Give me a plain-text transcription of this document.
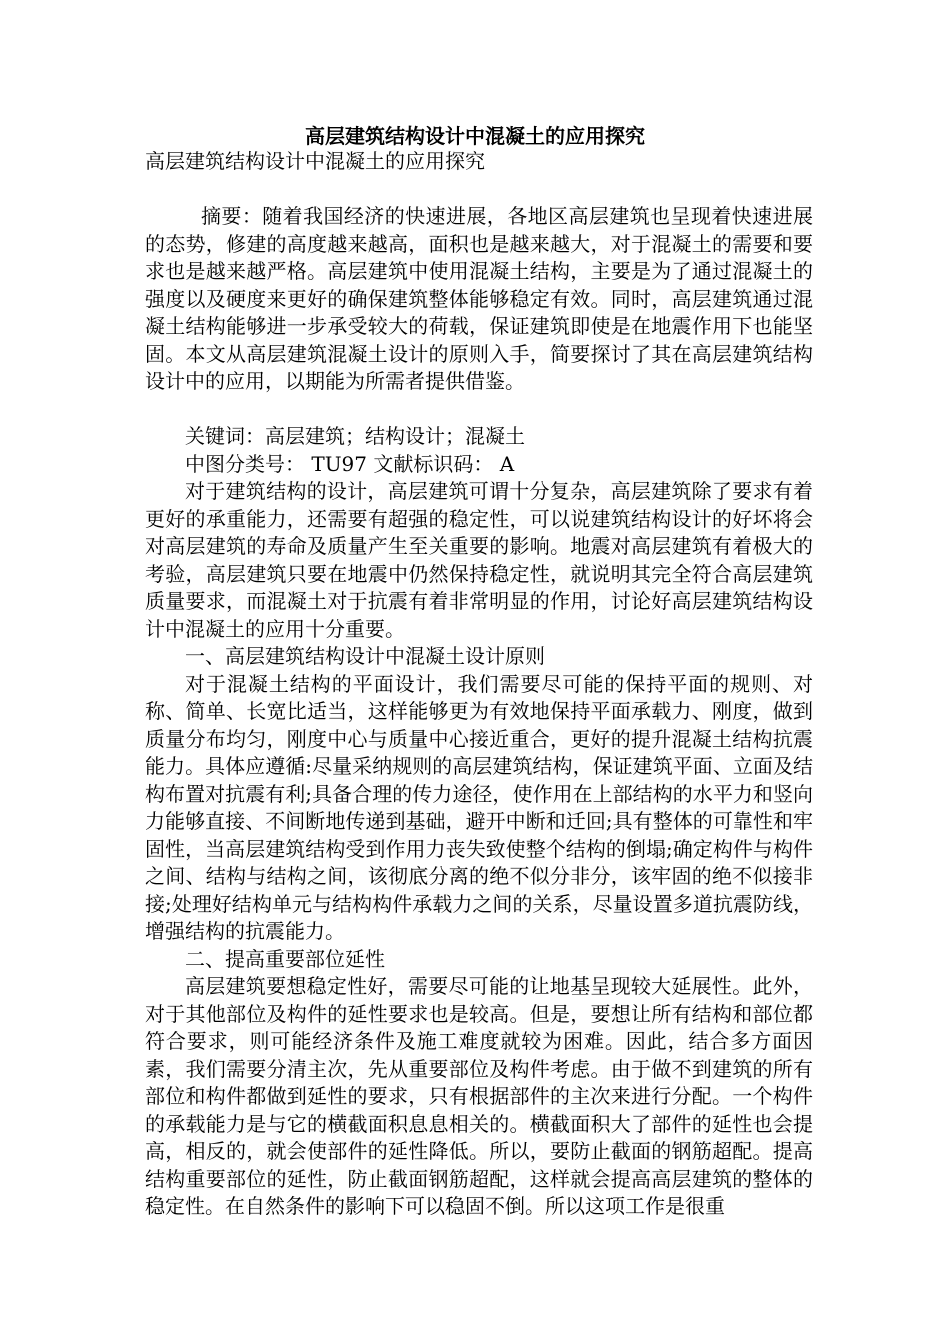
高层建筑结构设计中混凝土的应用探究

高层建筑结构设计中混凝土的应用探究

摘要：随着我国经济的快速进展，各地区高层建筑也呈现着快速进展的态势，修建的高度越来越高，面积也是越来越大，对于混凝土的需要和要求也是越来越严格。高层建筑中使用混凝土结构，主要是为了通过混凝土的强度以及硬度来更好的确保建筑整体能够稳定有效。同时，高层建筑通过混凝土结构能够进一步承受较大的荷载，保证建筑即使是在地震作用下也能坚固。本文从高层建筑混凝土设计的原则入手，简要探讨了其在高层建筑结构设计中的应用，以期能为所需者提供借鉴。

关键词：高层建筑；结构设计；混凝土

中图分类号： TU97 文献标识码： A

对于建筑结构的设计，高层建筑可谓十分复杂，高层建筑除了要求有着更好的承重能力，还需要有超强的稳定性，可以说建筑结构设计的好坏将会对高层建筑的寿命及质量产生至关重要的影响。地震对高层建筑有着极大的考验，高层建筑只要在地震中仍然保持稳定性，就说明其完全符合高层建筑质量要求，而混凝土对于抗震有着非常明显的作用，讨论好高层建筑结构设计中混凝土的应用十分重要。

一、高层建筑结构设计中混凝土设计原则

对于混凝土结构的平面设计，我们需要尽可能的保持平面的规则、对称、简单、长宽比适当，这样能够更为有效地保持平面承载力、刚度，做到质量分布均匀，刚度中心与质量中心接近重合，更好的提升混凝土结构抗震能力。具体应遵循:尽量采纳规则的高层建筑结构，保证建筑平面、立面及结构布置对抗震有利;具备合理的传力途径，使作用在上部结构的水平力和竖向力能够直接、不间断地传递到基础，避开中断和迁回;具有整体的可靠性和牢固性，当高层建筑结构受到作用力丧失致使整个结构的倒塌;确定构件与构件之间、结构与结构之间，该彻底分离的绝不似分非分，该牢固的绝不似接非接;处理好结构单元与结构构件承载力之间的关系，尽量设置多道抗震防线，增强结构的抗震能力。

二、提高重要部位延性

高层建筑要想稳定性好，需要尽可能的让地基呈现较大延展性。此外，对于其他部位及构件的延性要求也是较高。但是，要想让所有结构和部位都符合要求，则可能经济条件及施工难度就较为困难。因此，结合多方面因素，我们需要分清主次，先从重要部位及构件考虑。由于做不到建筑的所有部位和构件都做到延性的要求，只有根据部件的主次来进行分配。一个构件的承载能力是与它的横截面积息息相关的。横截面积大了部件的延性也会提高，相反的，就会使部件的延性降低。所以，要防止截面的钢筋超配。提高结构重要部位的延性，防止截面钢筋超配，这样就会提高高层建筑的整体的稳定性。在自然条件的影响下可以稳固不倒。所以这项工作是很重
